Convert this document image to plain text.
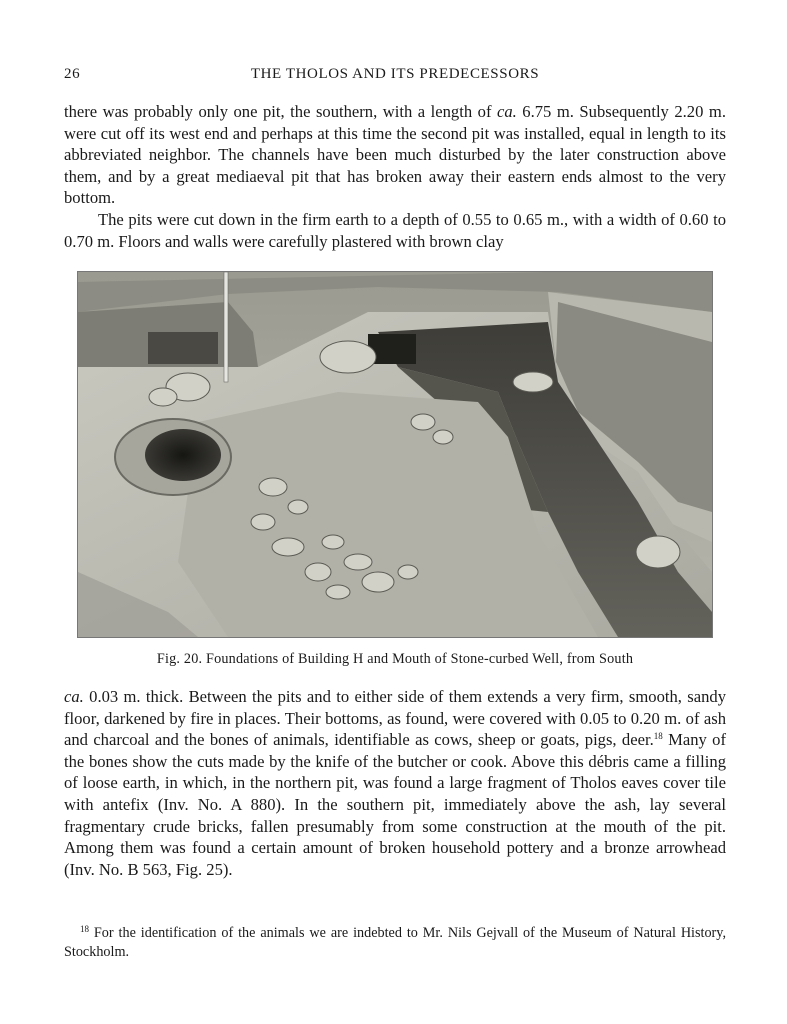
26	THE THOLOS AND ITS PREDECESSORS

there was probably only one pit, the southern, with a length of ca. 6.75 m. Subsequently 2.20 m. were cut off its west end and perhaps at this time the second pit was installed, equal in length to its abbreviated neighbor. The channels have been much disturbed by the later construction above them, and by a great mediaeval pit that has broken away their eastern ends almost to the very bottom.
The pits were cut down in the firm earth to a depth of 0.55 to 0.65 m., with a width of 0.60 to 0.70 m. Floors and walls were carefully plastered with brown clay

Fig. 20. Foundations of Building H and Mouth of Stone-curbed Well, from South

ca. 0.03 m. thick. Between the pits and to either side of them extends a very firm, smooth, sandy floor, darkened by fire in places. Their bottoms, as found, were covered with 0.05 to 0.20 m. of ash and charcoal and the bones of animals, identifiable as cows, sheep or goats, pigs, deer.$^{18}$ Many of the bones show the cuts made by the knife of the butcher or cook. Above this débris came a filling of loose earth, in which, in the northern pit, was found a large fragment of Tholos eaves cover tile with antefix (Inv. No. A 880). In the southern pit, immediately above the ash, lay several fragmentary crude bricks, fallen presumably from some construction at the mouth of the pit. Among them was found a certain amount of broken household pottery and a bronze arrowhead (Inv. No. B 563, Fig. 25).

$^{18}$ For the identification of the animals we are indebted to Mr. Nils Gejvall of the Museum of Natural History, Stockholm.
